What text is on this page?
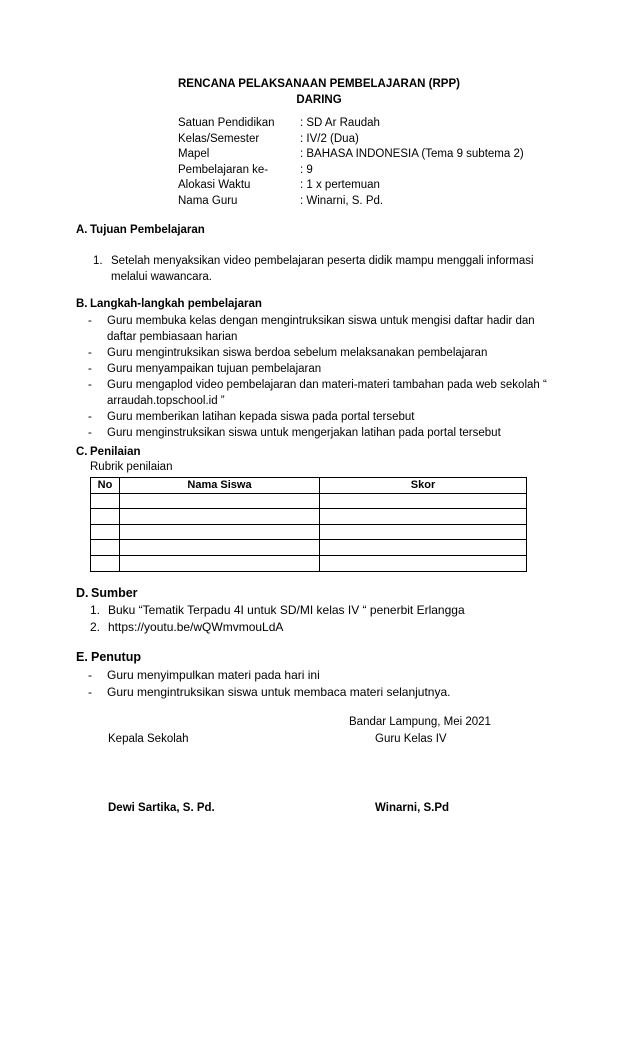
RENCANA PELAKSANAAN PEMBELAJARAN (RPP)
DARING
Satuan Pendidikan	: SD Ar Raudah
Kelas/Semester	: IV/2 (Dua)
Mapel	: BAHASA INDONESIA (Tema 9 subtema 2)
Pembelajaran ke-	: 9
Alokasi Waktu	: 1 x pertemuan
Nama Guru	: Winarni, S. Pd.
A. Tujuan Pembelajaran
1. Setelah menyaksikan video pembelajaran peserta didik mampu menggali informasi
melalui wawancara.
B. Langkah-langkah pembelajaran
-	Guru membuka kelas dengan mengintruksikan siswa untuk mengisi daftar hadir dan
daftar pembiasaan harian
-	Guru mengintruksikan siswa berdoa sebelum melaksanakan pembelajaran
-	Guru menyampaikan tujuan pembelajaran
-	Guru mengaplod video pembelajaran dan materi-materi tambahan pada web sekolah “
arraudah.topschool.id ”
-	Guru memberikan latihan kepada siswa pada portal tersebut
-	Guru menginstruksikan siswa untuk mengerjakan latihan pada portal tersebut
C. Penilaian
Rubrik penilaian
No	Nama Siswa	Skor

D. Sumber
1. Buku “Tematik Terpadu 4I untuk SD/MI kelas IV “ penerbit Erlangga
2. https://youtu.be/wQWmvmouLdA
E. Penutup
-	Guru menyimpulkan materi pada hari ini
-	Guru mengintruksikan siswa untuk membaca materi selanjutnya.
Bandar Lampung, Mei 2021
Kepala Sekolah	Guru Kelas IV
Dewi Sartika, S. Pd.	Winarni, S.Pd
